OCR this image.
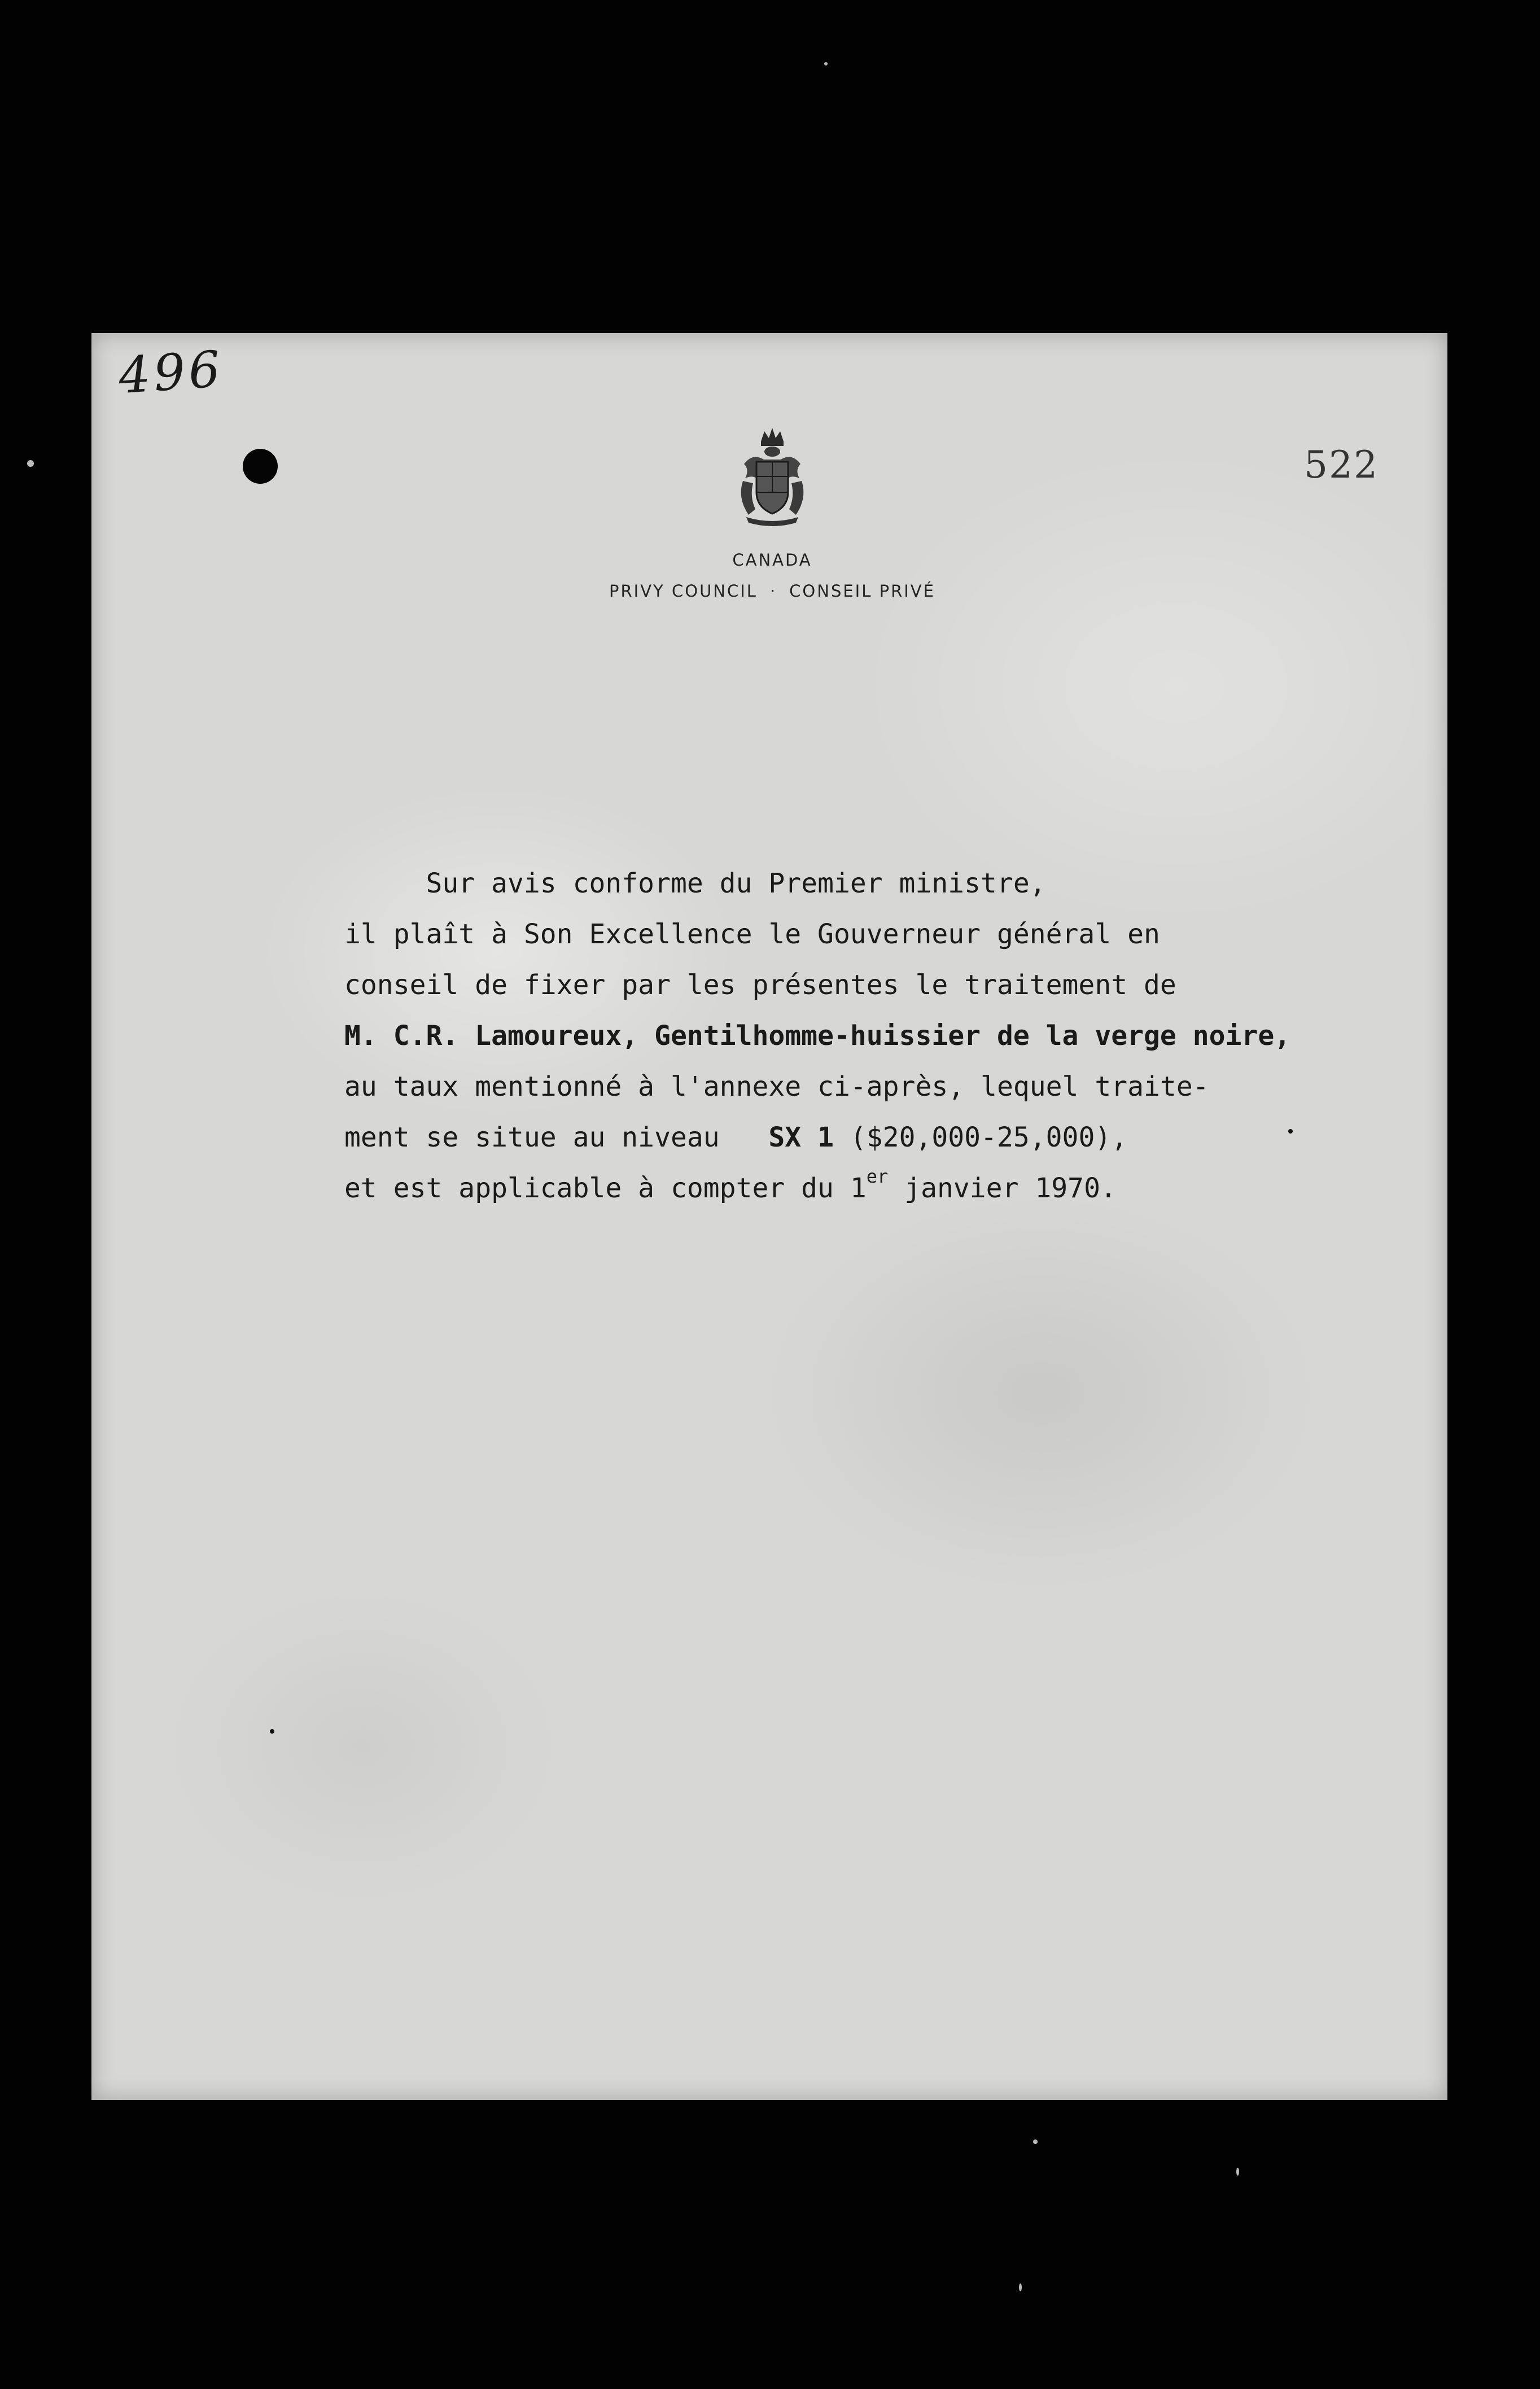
496
522
CANADA
PRIVY COUNCIL · CONSEIL PRIVÉ

Sur avis conforme du Premier ministre,
il plaît à Son Excellence le Gouverneur général en
conseil de fixer par les présentes le traitement de
M. C.R. Lamoureux, Gentilhomme-huissier de la verge noire,
au taux mentionné à l'annexe ci-après, lequel traite-
ment se situe au niveau SX 1 ($20,000-25,000),
et est applicable à compter du 1er janvier 1970.
